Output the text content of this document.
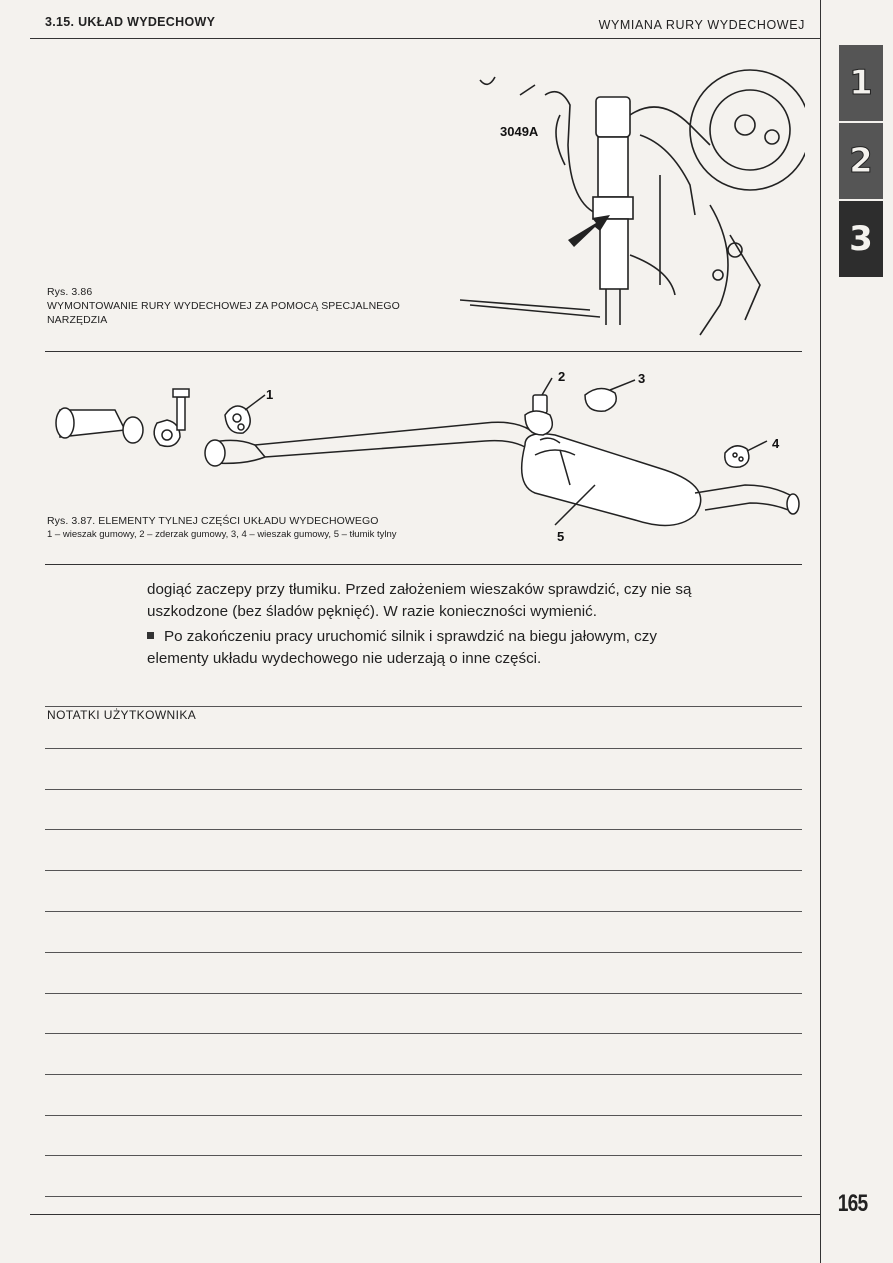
3.15. UKŁAD WYDECHOWY	WYMIANA RURY WYDECHOWEJ
3049A
Rys. 3.86
WYMONTOWANIE RURY WYDECHOWEJ ZA POMOCĄ SPECJALNEGO NARZĘDZIA
1
2	3
4
5
Rys. 3.87. ELEMENTY TYLNEJ CZĘŚCI UKŁADU WYDECHOWEGO
1 – wieszak gumowy, 2 – zderzak gumowy, 3, 4 – wieszak gumowy, 5 – tłumik tylny

dogiąć zaczepy przy tłumiku. Przed założeniem wieszaków sprawdzić, czy nie są uszkodzone (bez śladów pęknięć). W razie konieczności wymienić.

Po zakończeniu pracy uruchomić silnik i sprawdzić na biegu jałowym, czy elementy układu wydechowego nie uderzają o inne części.

NOTATKI UŻYTKOWNIKA
1
2
3
165
